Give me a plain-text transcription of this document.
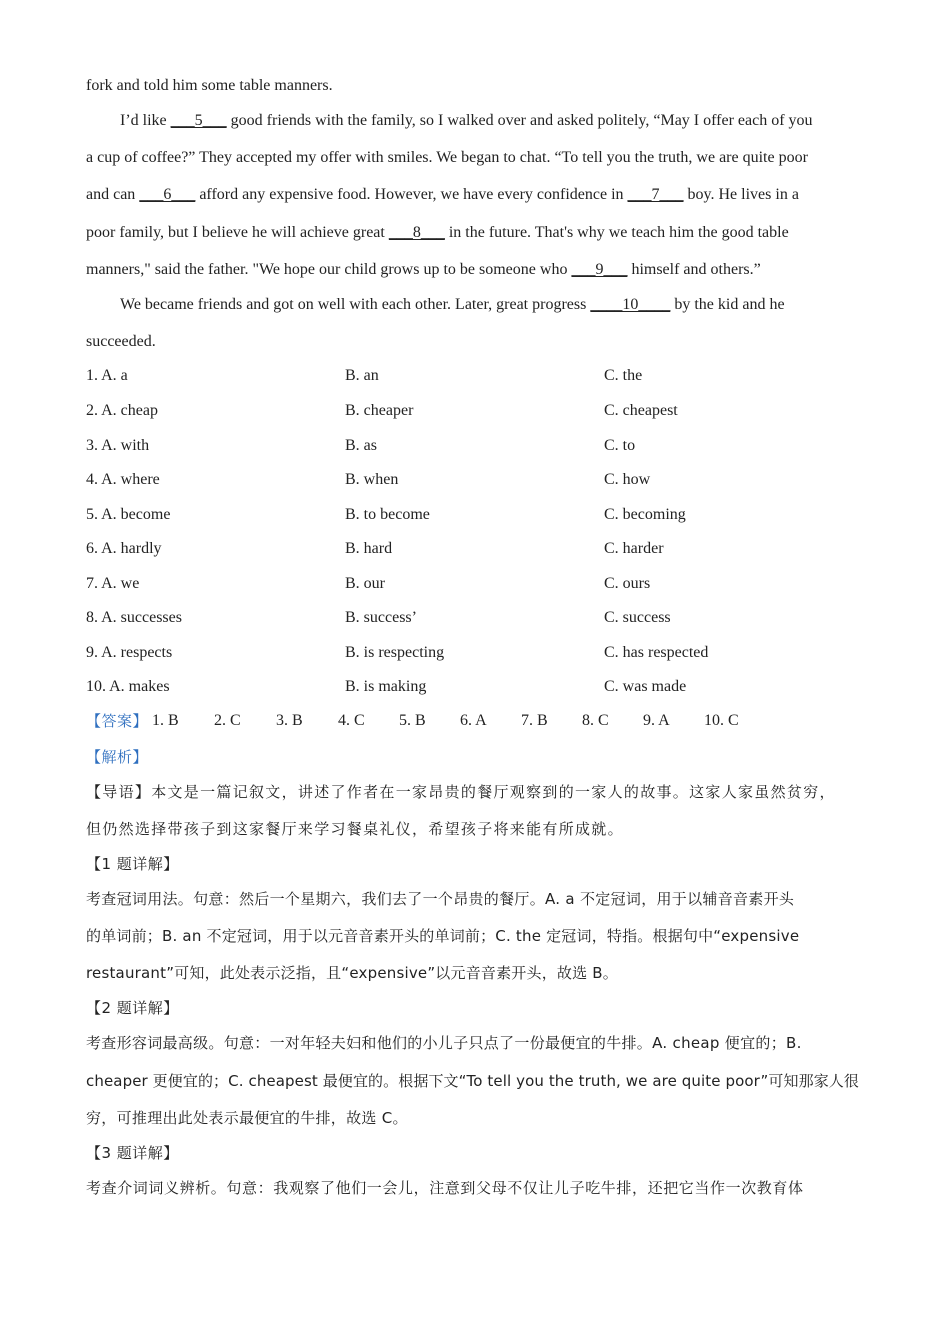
fork and told him some table manners.
I’d like ___5___ good friends with the family, so I walked over and asked politely, “May I offer each of you
a cup of coffee?” They accepted my offer with smiles. We began to chat. “To tell you the truth, we are quite poor
and can ___6___ afford any expensive food. However, we have every confidence in ___7___ boy. He lives in a
poor family, but I believe he will achieve great ___8___ in the future. That's why we teach him the good table
manners," said the father. "We hope our child grows up to be someone who ___9___ himself and others.”
We became friends and got on well with each other. Later, great progress ____10____ by the kid and he
succeeded.
1. A. a	B. an	C. the
2. A. cheap	B. cheaper	C. cheapest
3. A. with	B. as	C. to
4. A. where	B. when	C. how
5. A. become	B. to become	C. becoming
6. A. hardly	B. hard	C. harder
7. A. we	B. our	C. ours
8. A. successes	B. success’	C. success
9. A. respects	B. is respecting	C. has respected
10. A. makes	B. is making	C. was made
【答案】 1. B 2. C 3. B 4. C 5. B 6. A 7. B 8. C 9. A 10. C
【解析】
【导语】本文是一篇记叙文，讲述了作者在一家昂贵的餐厅观察到的一家人的故事。这家人家虽然贫穷，
但仍然选择带孩子到这家餐厅来学习餐桌礼仪，希望孩子将来能有所成就。
【1 题详解】
考查冠词用法。句意：然后一个星期六，我们去了一个昂贵的餐厅。A. a 不定冠词，用于以辅音音素开头
的单词前；B. an 不定冠词，用于以元音音素开头的单词前；C. the 定冠词，特指。根据句中“expensive
restaurant”可知，此处表示泛指，且“expensive”以元音音素开头，故选 B。
【2 题详解】
考查形容词最高级。句意：一对年轻夫妇和他们的小儿子只点了一份最便宜的牛排。A. cheap 便宜的；B.
cheaper 更便宜的；C. cheapest 最便宜的。根据下文“To tell you the truth, we are quite poor”可知那家人很
穷，可推理出此处表示最便宜的牛排，故选 C。
【3 题详解】
考查介词词义辨析。句意：我观察了他们一会儿，注意到父母不仅让儿子吃牛排，还把它当作一次教育体
